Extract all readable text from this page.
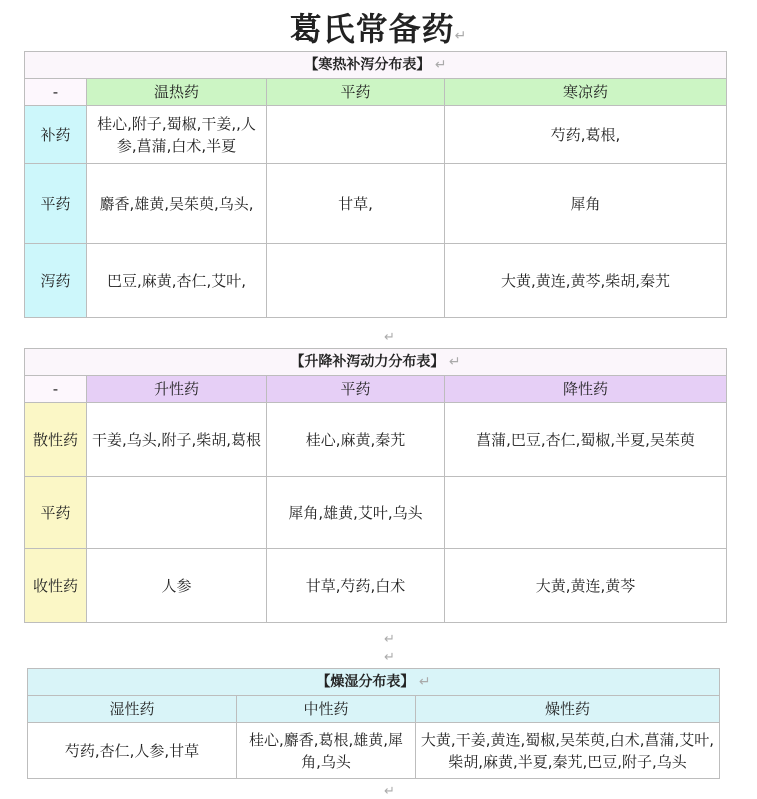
葛氏常备药↵
【寒热补泻分布表】 ↵			
-	温热药	平药	寒凉药
补药	桂心,附子,蜀椒,干姜,,人参,菖蒲,白术,半夏		芍药,葛根,
平药	麝香,雄黄,吴茱萸,乌头,	甘草,	犀角
泻药	巴豆,麻黄,杏仁,艾叶,		大黄,黄连,黄芩,柴胡,秦艽
↵
【升降补泻动力分布表】 ↵			
-	升性药	平药	降性药
散性药	干姜,乌头,附子,柴胡,葛根	桂心,麻黄,秦艽	菖蒲,巴豆,杏仁,蜀椒,半夏,吴茱萸
平药		犀角,雄黄,艾叶,乌头	
收性药	人参	甘草,芍药,白术	大黄,黄连,黄芩
↵
↵
【燥湿分布表】 ↵		
湿性药	中性药	燥性药
芍药,杏仁,人参,甘草	桂心,麝香,葛根,雄黄,犀角,乌头	大黄,干姜,黄连,蜀椒,吴茱萸,白术,菖蒲,艾叶,柴胡,麻黄,半夏,秦艽,巴豆,附子,乌头
↵
